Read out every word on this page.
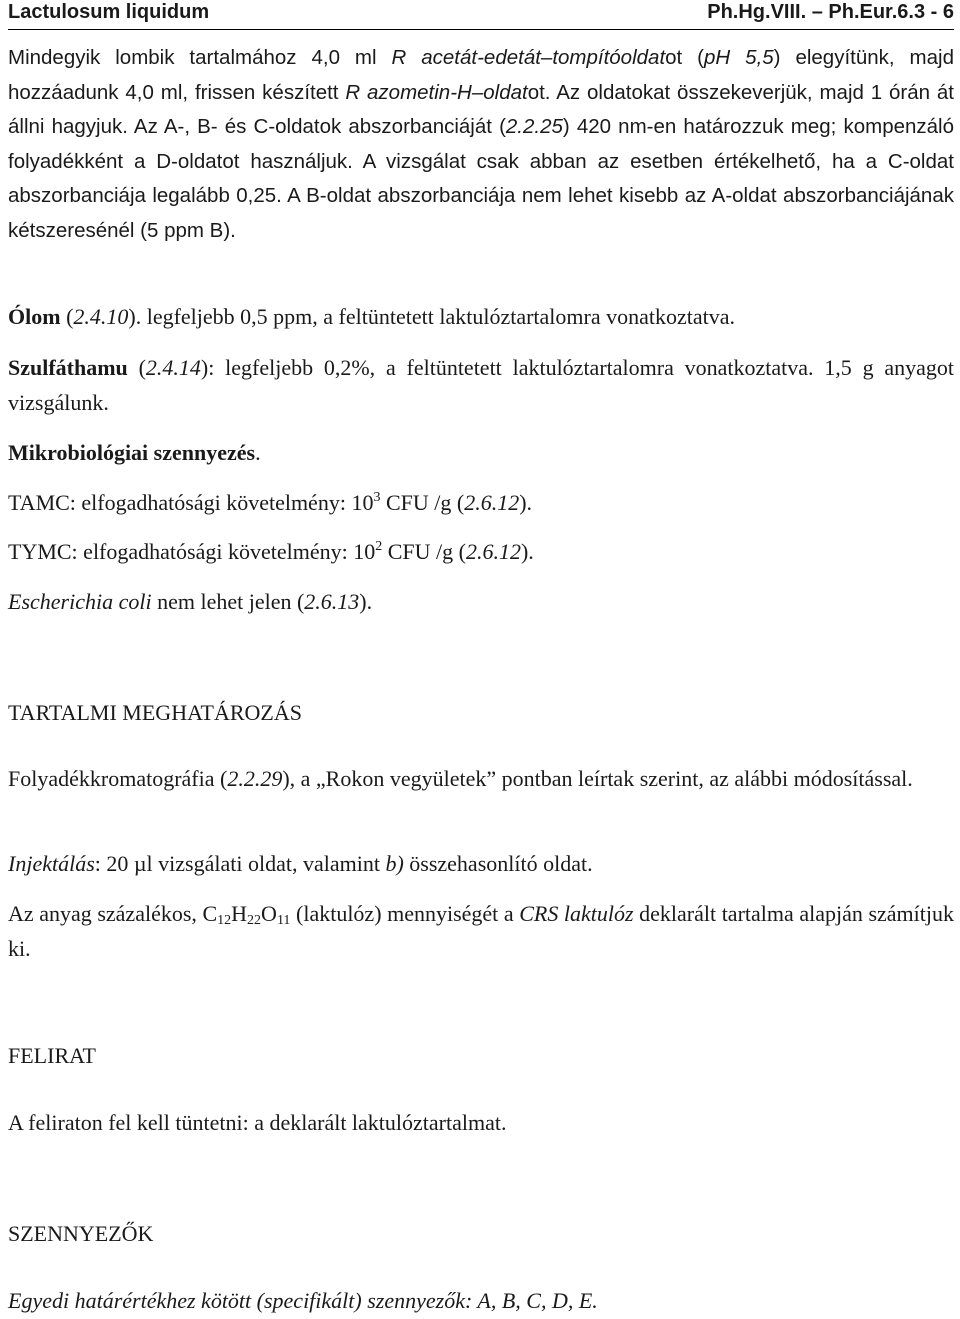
Lactulosum liquidum	Ph.Hg.VIII. – Ph.Eur.6.3 - 6
Mindegyik lombik tartalmához 4,0 ml R acetát-edetát–tompítóoldatot (pH 5,5) elegyítünk, majd hozzáadunk 4,0 ml, frissen készített R azometin-H–oldatot. Az oldatokat összekeverjük, majd 1 órán át állni hagyjuk. Az A-, B- és C-oldatok abszorbanciáját (2.2.25) 420 nm-en határozzuk meg; kompenzáló folyadékként a D-oldatot használjuk. A vizsgálat csak abban az esetben értékelhető, ha a C-oldat abszorbanciája legalább 0,25. A B-oldat abszorbanciája nem lehet kisebb az A-oldat abszorbanciájának kétszeresénél (5 ppm B).
Ólom (2.4.10). legfeljebb 0,5 ppm, a feltüntetett laktulóztartalomra vonatkoztatva.
Szulfáthamu (2.4.14): legfeljebb 0,2%, a feltüntetett laktulóztartalomra vonatkoztatva. 1,5 g anyagot vizsgálunk.
Mikrobiológiai szennyezés.
TAMC: elfogadhatósági követelmény: $10^3$ CFU /g (2.6.12).
TYMC: elfogadhatósági követelmény: $10^2$ CFU /g (2.6.12).
Escherichia coli nem lehet jelen (2.6.13).
TARTALMI MEGHATÁROZÁS
Folyadékkromatográfia (2.2.29), a „Rokon vegyületek” pontban leírtak szerint, az alábbi módosítással.
Injektálás: 20 µl vizsgálati oldat, valamint b) összehasonlító oldat.
Az anyag százalékos, $C_{12}H_{22}O_{11}$ (laktulóz) mennyiségét a CRS laktulóz deklarált tartalma alapján számítjuk ki.
FELIRAT
A feliraton fel kell tüntetni: a deklarált laktulóztartalmat.
SZENNYEZŐK
Egyedi határértékhez kötött (specifikált) szennyezők: A, B, C, D, E.
